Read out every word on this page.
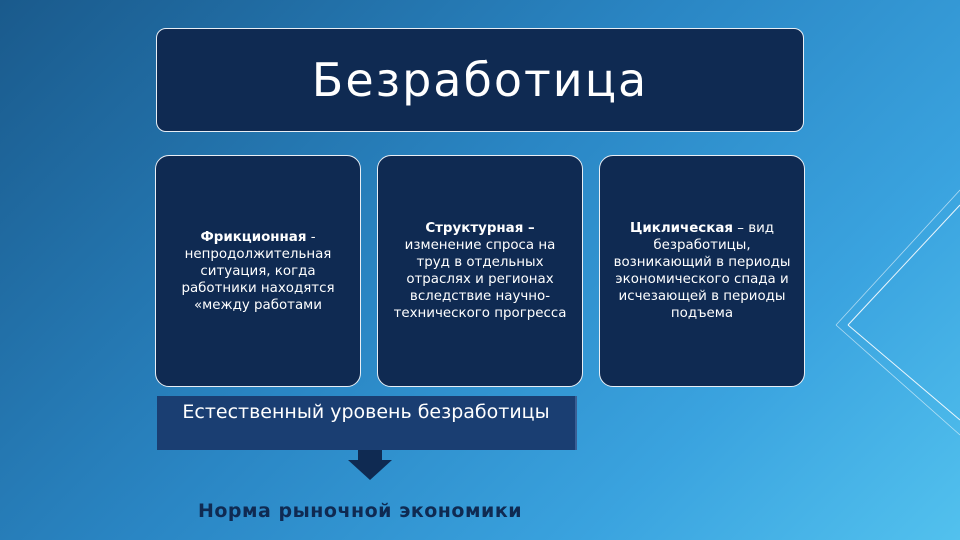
Безработица
Фрикционная - непродолжительная ситуация, когда работники находятся «между работами
Структурная – изменение спроса на труд в отдельных отраслях и регионах вследствие научно-технического прогресса
Циклическая – вид безработицы, возникающий в периоды экономического спада и исчезающей в периоды подъема
Естественный уровень безработицы
Норма рыночной экономики
